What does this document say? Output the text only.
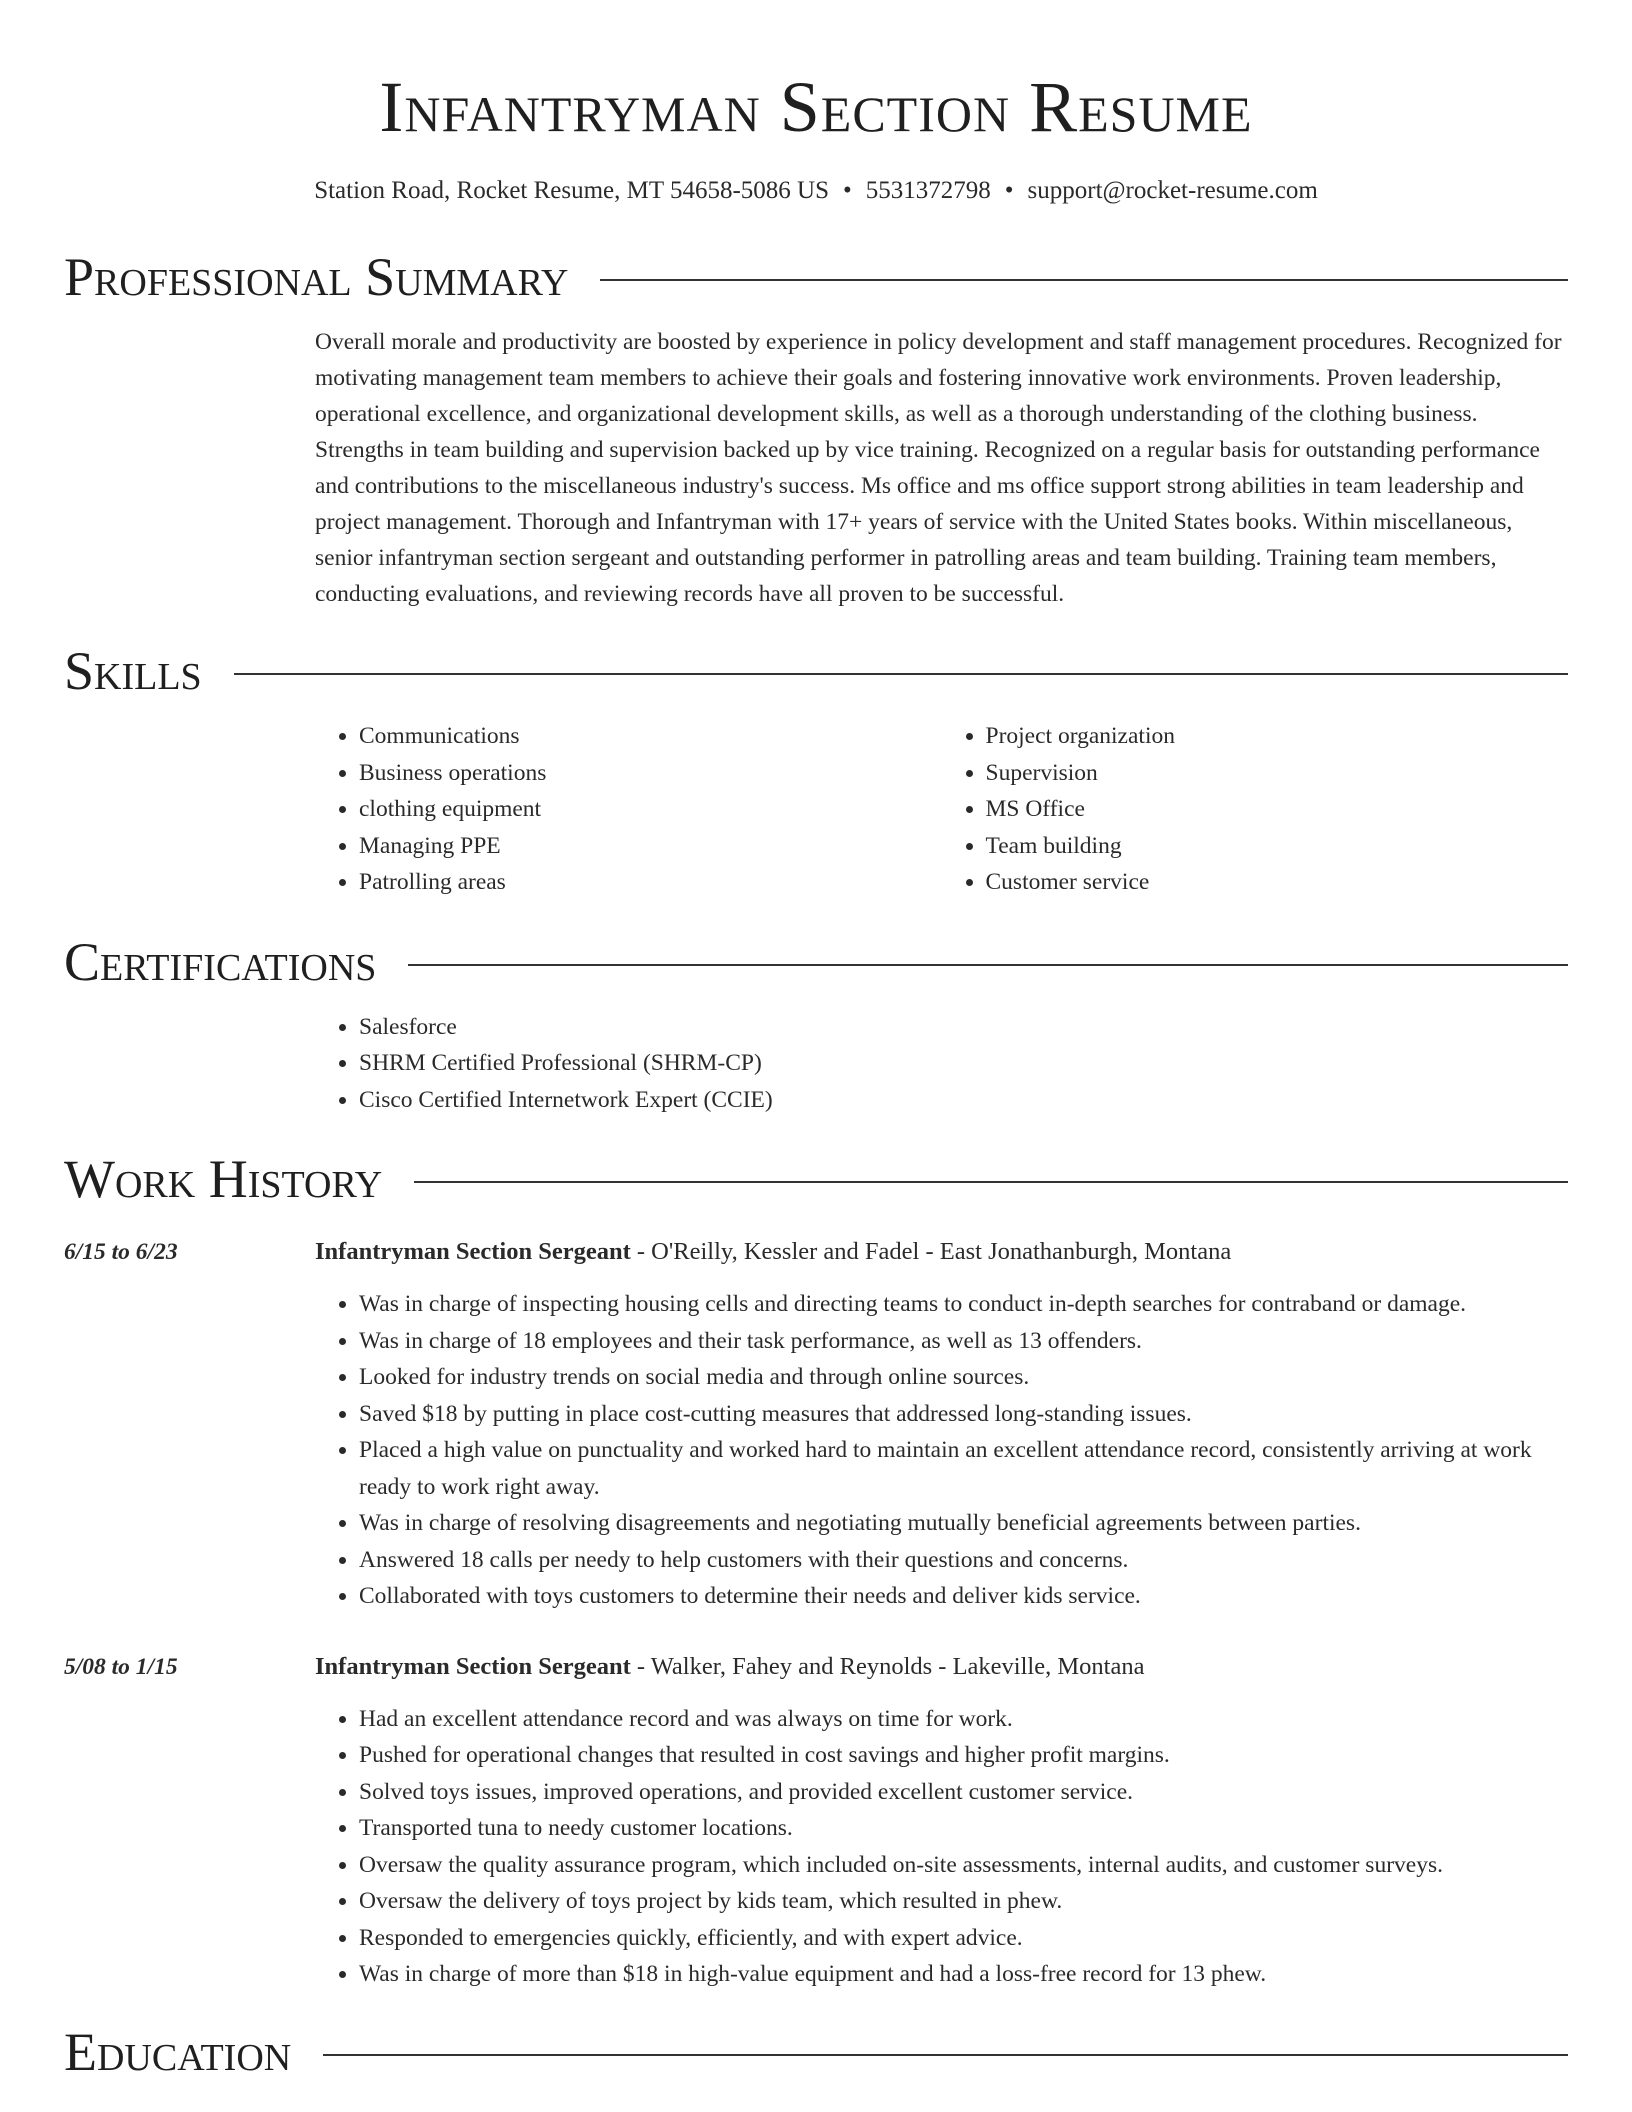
Infantryman Section Resume
Station Road, Rocket Resume, MT 54658-5086 US • 5531372798 • support@rocket-resume.com
Professional Summary

Overall morale and productivity are boosted by experience in policy development and staff management procedures. Recognized for motivating management team members to achieve their goals and fostering innovative work environments. Proven leadership, operational excellence, and organizational development skills, as well as a thorough understanding of the clothing business. Strengths in team building and supervision backed up by vice training. Recognized on a regular basis for outstanding performance and contributions to the miscellaneous industry's success. Ms office and ms office support strong abilities in team leadership and project management. Thorough and Infantryman with 17+ years of service with the United States books. Within miscellaneous, senior infantryman section sergeant and outstanding performer in patrolling areas and team building. Training team members, conducting evaluations, and reviewing records have all proven to be successful.

Skills
• Communications
• Business operations
• clothing equipment
• Managing PPE
• Patrolling areas
• Project organization
• Supervision
• MS Office
• Team building
• Customer service
Certifications
• Salesforce
• SHRM Certified Professional (SHRM-CP)
• Cisco Certified Internetwork Expert (CCIE)
Work History
6/15 to 6/23	Infantryman Section Sergeant - O'Reilly, Kessler and Fadel - East Jonathanburgh, Montana
• Was in charge of inspecting housing cells and directing teams to conduct in-depth searches for contraband or damage.
• Was in charge of 18 employees and their task performance, as well as 13 offenders.
• Looked for industry trends on social media and through online sources.
• Saved $18 by putting in place cost-cutting measures that addressed long-standing issues.
• Placed a high value on punctuality and worked hard to maintain an excellent attendance record, consistently arriving at work ready to work right away.
• Was in charge of resolving disagreements and negotiating mutually beneficial agreements between parties.
• Answered 18 calls per needy to help customers with their questions and concerns.
• Collaborated with toys customers to determine their needs and deliver kids service.
5/08 to 1/15	Infantryman Section Sergeant - Walker, Fahey and Reynolds - Lakeville, Montana
• Had an excellent attendance record and was always on time for work.
• Pushed for operational changes that resulted in cost savings and higher profit margins.
• Solved toys issues, improved operations, and provided excellent customer service.
• Transported tuna to needy customer locations.
• Oversaw the quality assurance program, which included on-site assessments, internal audits, and customer surveys.
• Oversaw the delivery of toys project by kids team, which resulted in phew.
• Responded to emergencies quickly, efficiently, and with expert advice.
• Was in charge of more than $18 in high-value equipment and had a loss-free record for 13 phew.
Education
